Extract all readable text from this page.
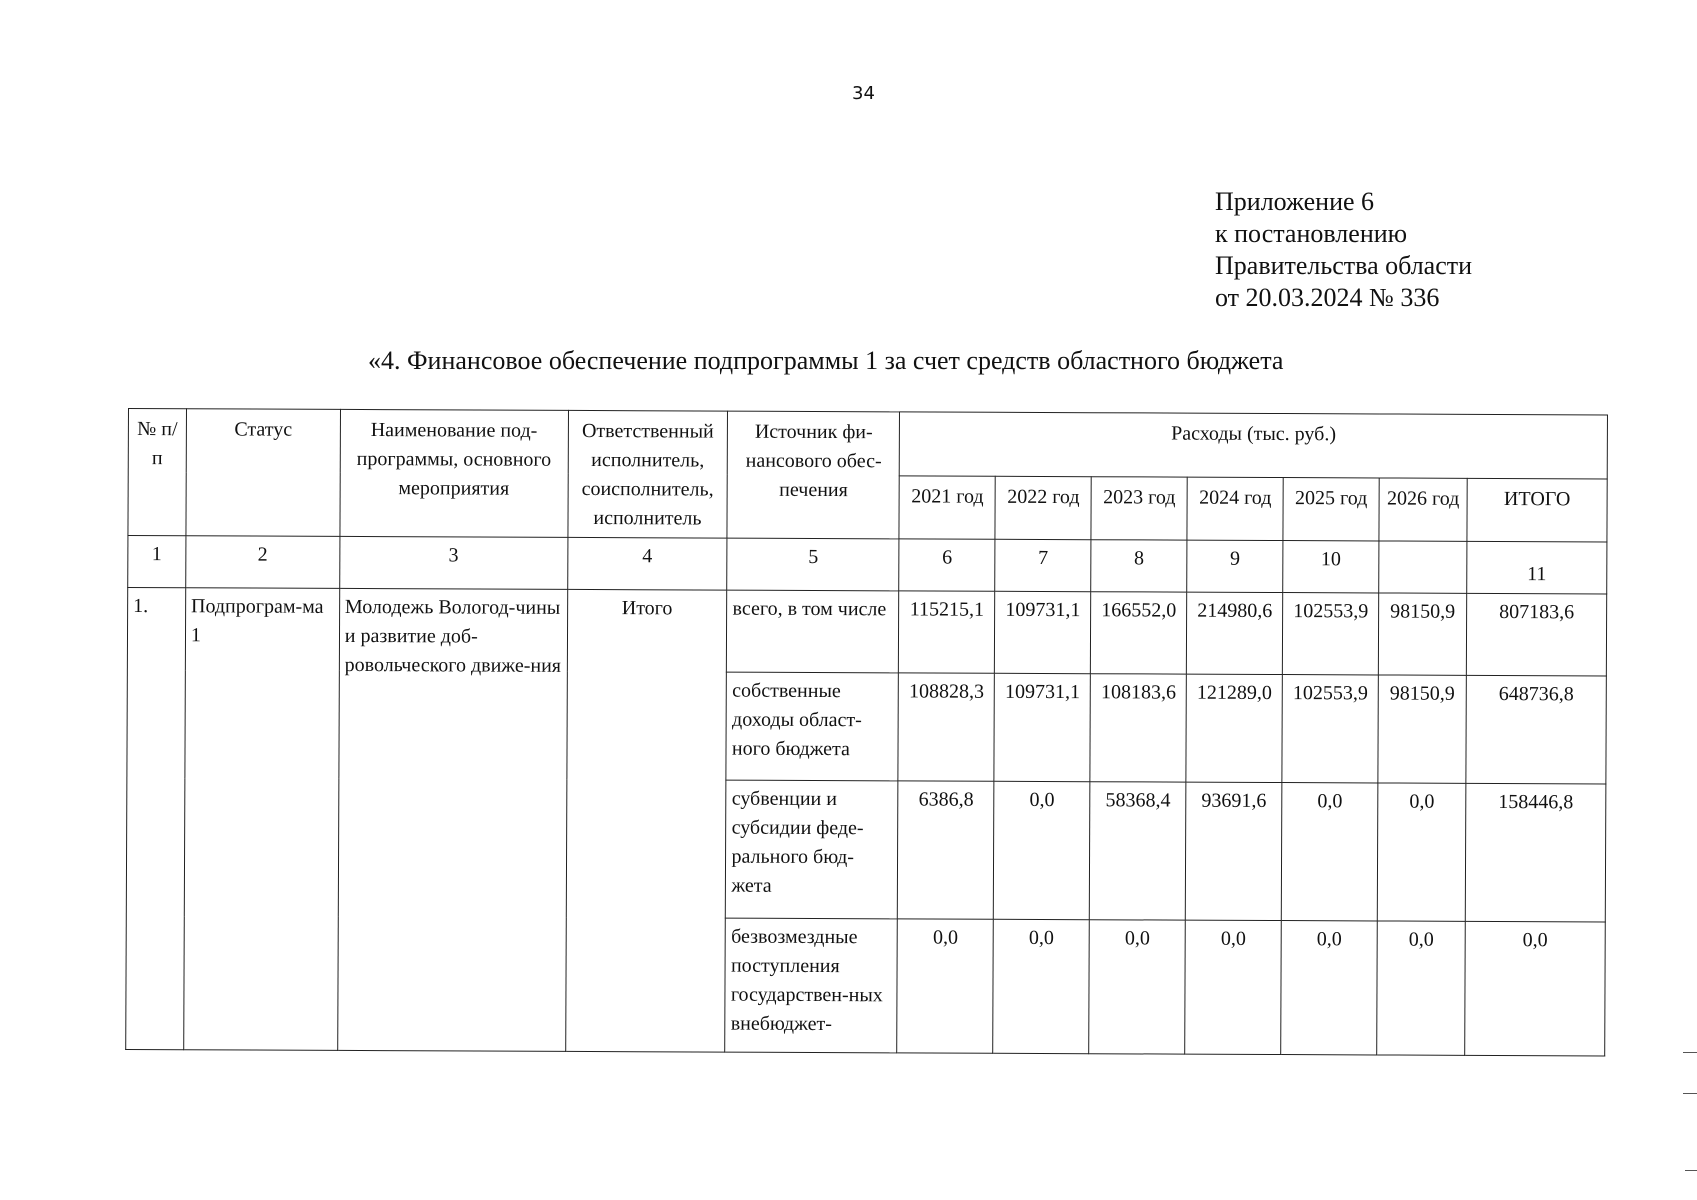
34
Приложение 6
к постановлению
Правительства области
от 20.03.2024 № 336
«4. Финансовое обеспечение подпрограммы 1 за счет средств областного бюджета
№ п/п	Статус	Наименование под-программы, основного мероприятия	Ответственный исполнитель, соисполнитель, исполнитель	Источник фи-нансового обес-печения	Расходы (тыс. руб.)						
					2021 год	2022 год	2023 год	2024 год	2025 год	2026 год	ИТОГО
1	2	3	4	5	6	7	8	9	10		11
1.	Подпрограм-ма 1	Молодежь Вологод-чины и развитие доб-ровольческого движе-ния	Итого	всего, в том числе	115215,1	109731,1	166552,0	214980,6	102553,9	98150,9	807183,6
				собственные доходы област-ного бюджета	108828,3	109731,1	108183,6	121289,0	102553,9	98150,9	648736,8
				субвенции и субсидии феде-рального бюд-жета	6386,8	0,0	58368,4	93691,6	0,0	0,0	158446,8
				безвозмездные поступления государствен-ных внебюджет-	0,0	0,0	0,0	0,0	0,0	0,0	0,0
